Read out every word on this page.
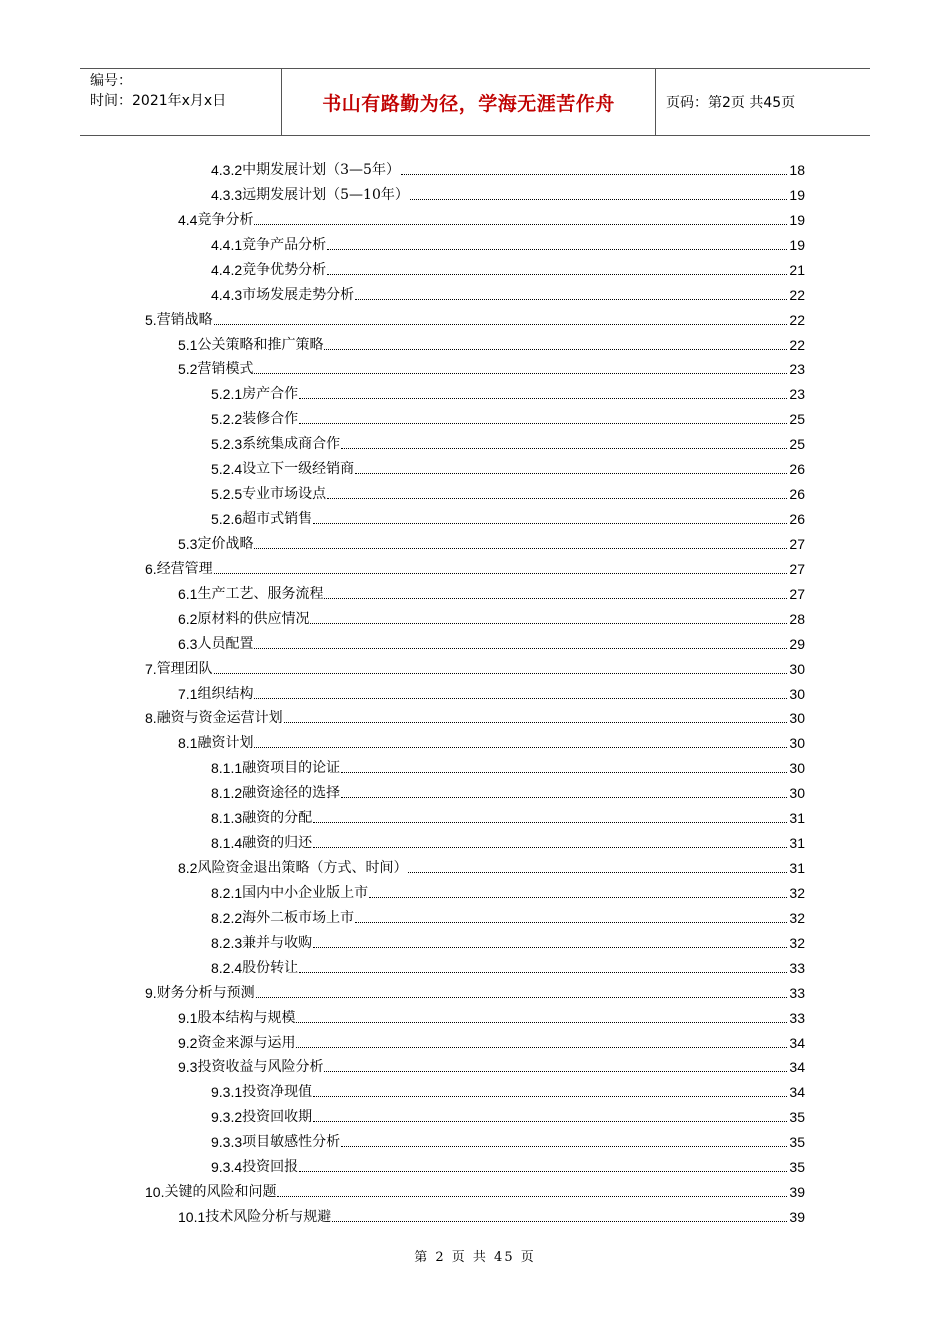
编号：
时间：2021年x月x日	书山有路勤为径，学海无涯苦作舟	页码：第2页 共45页
4.3.2 中期发展计划（3—5年）	18
4.3.3 远期发展计划（5—10年）	19
4.4 竞争分析	19
4.4.1 竞争产品分析	19
4.4.2 竞争优势分析	21
4.4.3 市场发展走势分析	22
5. 营销战略	22
5.1 公关策略和推广策略	22
5.2 营销模式	23
5.2.1 房产合作	23
5.2.2 装修合作	25
5.2.3 系统集成商合作	25
5.2.4 设立下一级经销商	26
5.2.5 专业市场设点	26
5.2.6 超市式销售	26
5.3 定价战略	27
6. 经营管理	27
6.1 生产工艺、服务流程	27
6.2 原材料的供应情况	28
6.3 人员配置	29
7. 管理团队	30
7.1 组织结构	30
8. 融资与资金运营计划	30
8.1 融资计划	30
8.1.1 融资项目的论证	30
8.1.2 融资途径的选择	30
8.1.3 融资的分配	31
8.1.4 融资的归还	31
8.2 风险资金退出策略（方式、时间）	31
8.2.1 国内中小企业版上市	32
8.2.2 海外二板市场上市	32
8.2.3 兼并与收购	32
8.2.4 股份转让	33
9. 财务分析与预测	33
9.1 股本结构与规模	33
9.2 资金来源与运用	34
9.3 投资收益与风险分析	34
9.3.1 投资净现值	34
9.3.2 投资回收期	35
9.3.3 项目敏感性分析	35
9.3.4 投资回报	35
10. 关键的风险和问题	39
10.1 技术风险分析与规避	39
第 2 页 共 45 页
